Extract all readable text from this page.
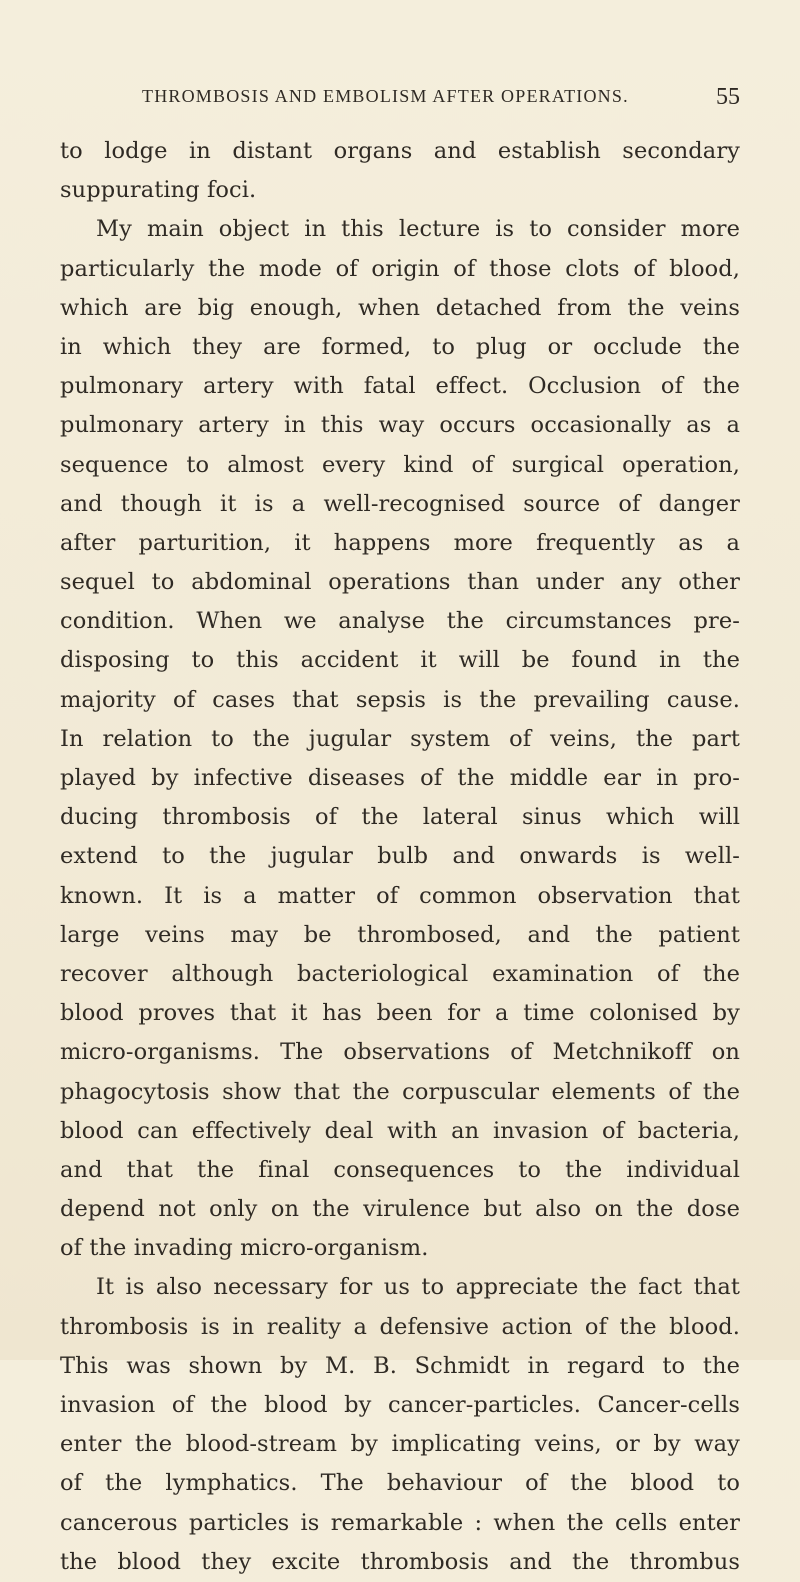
THROMBOSIS AND EMBOLISM AFTER OPERATIONS.	55
to lodge in distant organs and establish secondary
suppurating foci.
My main object in this lecture is to consider more
particularly the mode of origin of those clots of blood,
which are big enough, when detached from the veins
in which they are formed, to plug or occlude the
pulmonary artery with fatal effect. Occlusion of the
pulmonary artery in this way occurs occasionally as a
sequence to almost every kind of surgical operation,
and though it is a well-recognised source of danger
after parturition, it happens more frequently as a
sequel to abdominal operations than under any other
condition. When we analyse the circumstances pre-
disposing to this accident it will be found in the
majority of cases that sepsis is the prevailing cause.
In relation to the jugular system of veins, the part
played by infective diseases of the middle ear in pro-
ducing thrombosis of the lateral sinus which will
extend to the jugular bulb and onwards is well-
known. It is a matter of common observation that
large veins may be thrombosed, and the patient
recover although bacteriological examination of the
blood proves that it has been for a time colonised by
micro-organisms. The observations of Metchnikoff on
phagocytosis show that the corpuscular elements of the
blood can effectively deal with an invasion of bacteria,
and that the final consequences to the individual
depend not only on the virulence but also on the dose
of the invading micro-organism.
It is also necessary for us to appreciate the fact that
thrombosis is in reality a defensive action of the blood.
This was shown by M. B. Schmidt in regard to the
invasion of the blood by cancer-particles. Cancer-cells
enter the blood-stream by implicating veins, or by way
of the lymphatics. The behaviour of the blood to
cancerous particles is remarkable : when the cells enter
the blood they excite thrombosis and the thrombus
